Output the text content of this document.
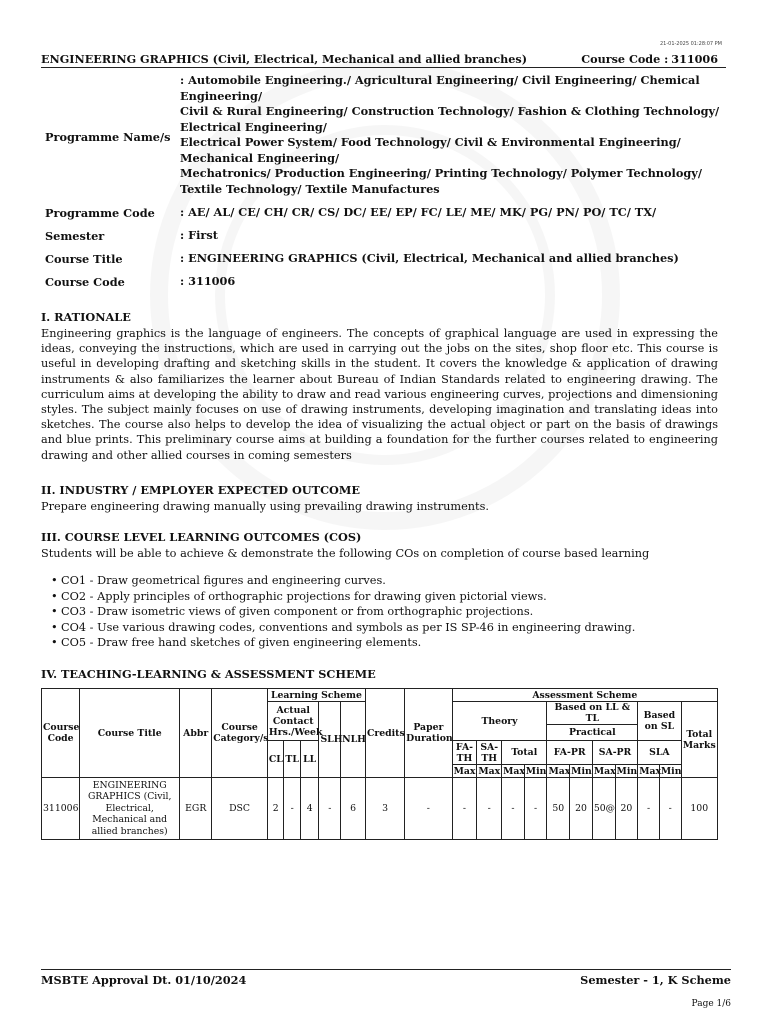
21-01-2025 01:28:07 PM
ENGINEERING GRAPHICS (Civil, Electrical, Mechanical and allied branches)	Course Code : 311006
Programme Name/s
: Automobile Engineering./ Agricultural Engineering/ Civil Engineering/ Chemical
Engineering/
Civil & Rural Engineering/ Construction Technology/ Fashion & Clothing Technology/
Electrical Engineering/
Electrical Power System/ Food Technology/ Civil & Environmental Engineering/
Mechanical Engineering/
Mechatronics/ Production Engineering/ Printing Technology/ Polymer Technology/
Textile Technology/ Textile Manufactures
Programme Code	: AE/ AL/ CE/ CH/ CR/ CS/ DC/ EE/ EP/ FC/ LE/ ME/ MK/ PG/ PN/ PO/ TC/ TX/
Semester	: First
Course Title	: ENGINEERING GRAPHICS (Civil, Electrical, Mechanical and allied branches)
Course Code	: 311006
I. RATIONALE
Engineering graphics is the language of engineers. The concepts of graphical language are used in expressing the ideas, conveying the instructions, which are used in carrying out the jobs on the sites, shop floor etc. This course is useful in developing drafting and sketching skills in the student. It covers the knowledge & application of drawing instruments & also familiarizes the learner about Bureau of Indian Standards related to engineering drawing. The curriculum aims at developing the ability to draw and read various engineering curves, projections and dimensioning styles. The subject mainly focuses on use of drawing instruments, developing imagination and translating ideas into sketches. The course also helps to develop the idea of visualizing the actual object or part on the basis of drawings and blue prints. This preliminary course aims at building a foundation for the further courses related to engineering drawing and other allied courses in coming semesters
II. INDUSTRY / EMPLOYER EXPECTED OUTCOME
Prepare engineering drawing manually using prevailing drawing instruments.
III. COURSE LEVEL LEARNING OUTCOMES (COS)
Students will be able to achieve & demonstrate the following COs on completion of course based learning
• CO1 - Draw geometrical figures and engineering curves.
• CO2 - Apply principles of orthographic projections for drawing given pictorial views.
• CO3 - Draw isometric views of given component or from orthographic projections.
• CO4 - Use various drawing codes, conventions and symbols as per IS SP-46 in engineering drawing.
• CO5 - Draw free hand sketches of given engineering elements.
IV. TEACHING-LEARNING & ASSESSMENT SCHEME
Course Code	Course Title	Abbr	Course Category/s	Learning Scheme					Credits	Paper Duration	Assessment Scheme										
				Actual Contact Hrs./Week			SLH	NLH			Theory				Based on LL & TL				Based on SL		Total Marks
															Practical						
				CL	TL	LL					FA-TH	SA-TH	Total		FA-PR		SA-PR		SLA		
											Max	Max	Max	Min	Max	Min	Max	Min	Max	Min	
311006	ENGINEERING GRAPHICS (Civil, Electrical, Mechanical and allied branches)	EGR	DSC	2	-	4	-	6	3	-	-	-	-	-	50	20	50@	20	-	-	100
MSBTE Approval Dt. 01/10/2024	Semester - 1, K Scheme
Page 1/6
